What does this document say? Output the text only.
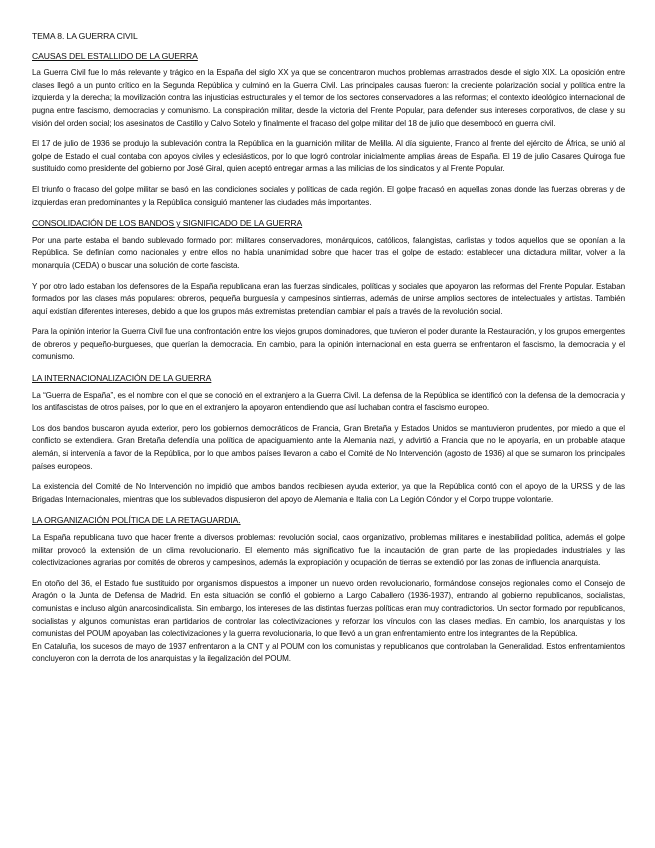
TEMA 8. LA GUERRA CIVIL
CAUSAS DEL ESTALLIDO DE LA GUERRA

La Guerra Civil fue lo más relevante y trágico en la España del siglo XX ya que se concentraron muchos problemas arrastrados desde el siglo XIX. La oposición entre clases llegó a un punto crítico en la Segunda República y culminó en la Guerra Civil. Las principales causas fueron: la creciente polarización social y política entre la izquierda y la derecha; la movilización contra las injusticias estructurales y el temor de los sectores conservadores a las reformas; el contexto ideológico internacional de pugna entre fascismo, democracias y comunismo. La conspiración militar, desde la victoria del Frente Popular, para defender sus intereses corporativos, de clase y su visión del orden social; los asesinatos de Castillo y Calvo Sotelo y finalmente el fracaso del golpe militar del 18 de julio que desembocó en guerra civil.

El 17 de julio de 1936 se produjo la sublevación contra la República en la guarnición militar de Melilla. Al día siguiente, Franco al frente del ejército de África, se unió al golpe de Estado el cual contaba con apoyos civiles y eclesiásticos, por lo que logró controlar inicialmente amplias áreas de España. El 19 de julio Casares Quiroga fue sustituido como presidente del gobierno por José Giral, quien aceptó entregar armas a las milicias de los sindicatos y al Frente Popular.

El triunfo o fracaso del golpe militar se basó en las condiciones sociales y políticas de cada región. El golpe fracasó en aquellas zonas donde las fuerzas obreras y de izquierdas eran predominantes y la República consiguió mantener las ciudades más importantes.

CONSOLIDACIÓN DE LOS BANDOS y SIGNIFICADO DE LA GUERRA

Por una parte estaba el bando sublevado formado por: militares conservadores, monárquicos, católicos, falangistas, carlistas y todos aquellos que se oponían a la República. Se definían como nacionales y entre ellos no había unanimidad sobre que hacer tras el golpe de estado: establecer una dictadura militar, volver a la monarquía (CEDA) o buscar una solución de corte fascista.

Y por otro lado estaban los defensores de la España republicana eran las fuerzas sindicales, políticas y sociales que apoyaron las reformas del Frente Popular. Estaban formados por las clases más populares: obreros, pequeña burguesía y campesinos sintierras, además de unirse amplios sectores de intelectuales y artistas. También aquí existían diferentes intereses, debido a que los grupos más extremistas pretendían cambiar el país a través de la revolución social.

Para la opinión interior la Guerra Civil fue una confrontación entre los viejos grupos dominadores, que tuvieron el poder durante la Restauración, y los grupos emergentes de obreros y pequeño-burgueses, que querían la democracia. En cambio, para la opinión internacional en esta guerra se enfrentaron el fascismo, la democracia y el comunismo.

LA INTERNACIONALIZACIÓN DE LA GUERRA

La “Guerra de España”, es el nombre con el que se conoció en el extranjero a la Guerra Civil. La defensa de la República se identificó con la defensa de la democracia y los antifascistas de otros países, por lo que en el extranjero la apoyaron entendiendo que así luchaban contra el fascismo europeo.

Los dos bandos buscaron ayuda exterior, pero los gobiernos democráticos de Francia, Gran Bretaña y Estados Unidos se mantuvieron prudentes, por miedo a que el conflicto se extendiera. Gran Bretaña defendía una política de apaciguamiento ante la Alemania nazi, y advirtió a Francia que no le apoyaría, en un probable ataque alemán, si intervenía a favor de la República, por lo que ambos países llevaron a cabo el Comité de No Intervención (agosto de 1936) al que se sumaron los principales países europeos.

La existencia del Comité de No Intervención no impidió que ambos bandos recibiesen ayuda exterior, ya que la República contó con el apoyo de la URSS y de las Brigadas Internacionales, mientras que los sublevados dispusieron del apoyo de Alemania e Italia con La Legión Cóndor y el Corpo truppe volontarie.

LA ORGANIZACIÓN POLÍTICA DE LA RETAGUARDIA.

La España republicana tuvo que hacer frente a diversos problemas: revolución social, caos organizativo, problemas militares e inestabilidad política, además el golpe militar provocó la extensión de un clima revolucionario. El elemento más significativo fue la incautación de gran parte de las propiedades industriales y las colectivizaciones agrarias por comités de obreros y campesinos, además la expropiación y ocupación de tierras se extendió por las zonas de influencia anarquista.

En otoño del 36, el Estado fue sustituido por organismos dispuestos a imponer un nuevo orden revolucionario, formándose consejos regionales como el Consejo de Aragón o la Junta de Defensa de Madrid. En esta situación se confió el gobierno a Largo Caballero (1936-1937), entrando al gobierno republicanos, socialistas, comunistas e incluso algún anarcosindicalista. Sin embargo, los intereses de las distintas fuerzas políticas eran muy contradictorios. Un sector formado por republicanos, socialistas y algunos comunistas eran partidarios de controlar las colectivizaciones y reforzar los vínculos con las clases medias. En cambio, los anarquistas y los comunistas del POUM apoyaban las colectivizaciones y la guerra revolucionaria, lo que llevó a un gran enfrentamiento entre los integrantes de la República.

En Cataluña, los sucesos de mayo de 1937 enfrentaron a la CNT y al POUM con los comunistas y republicanos que controlaban la Generalidad. Estos enfrentamientos concluyeron con la derrota de los anarquistas y la ilegalización del POUM.
